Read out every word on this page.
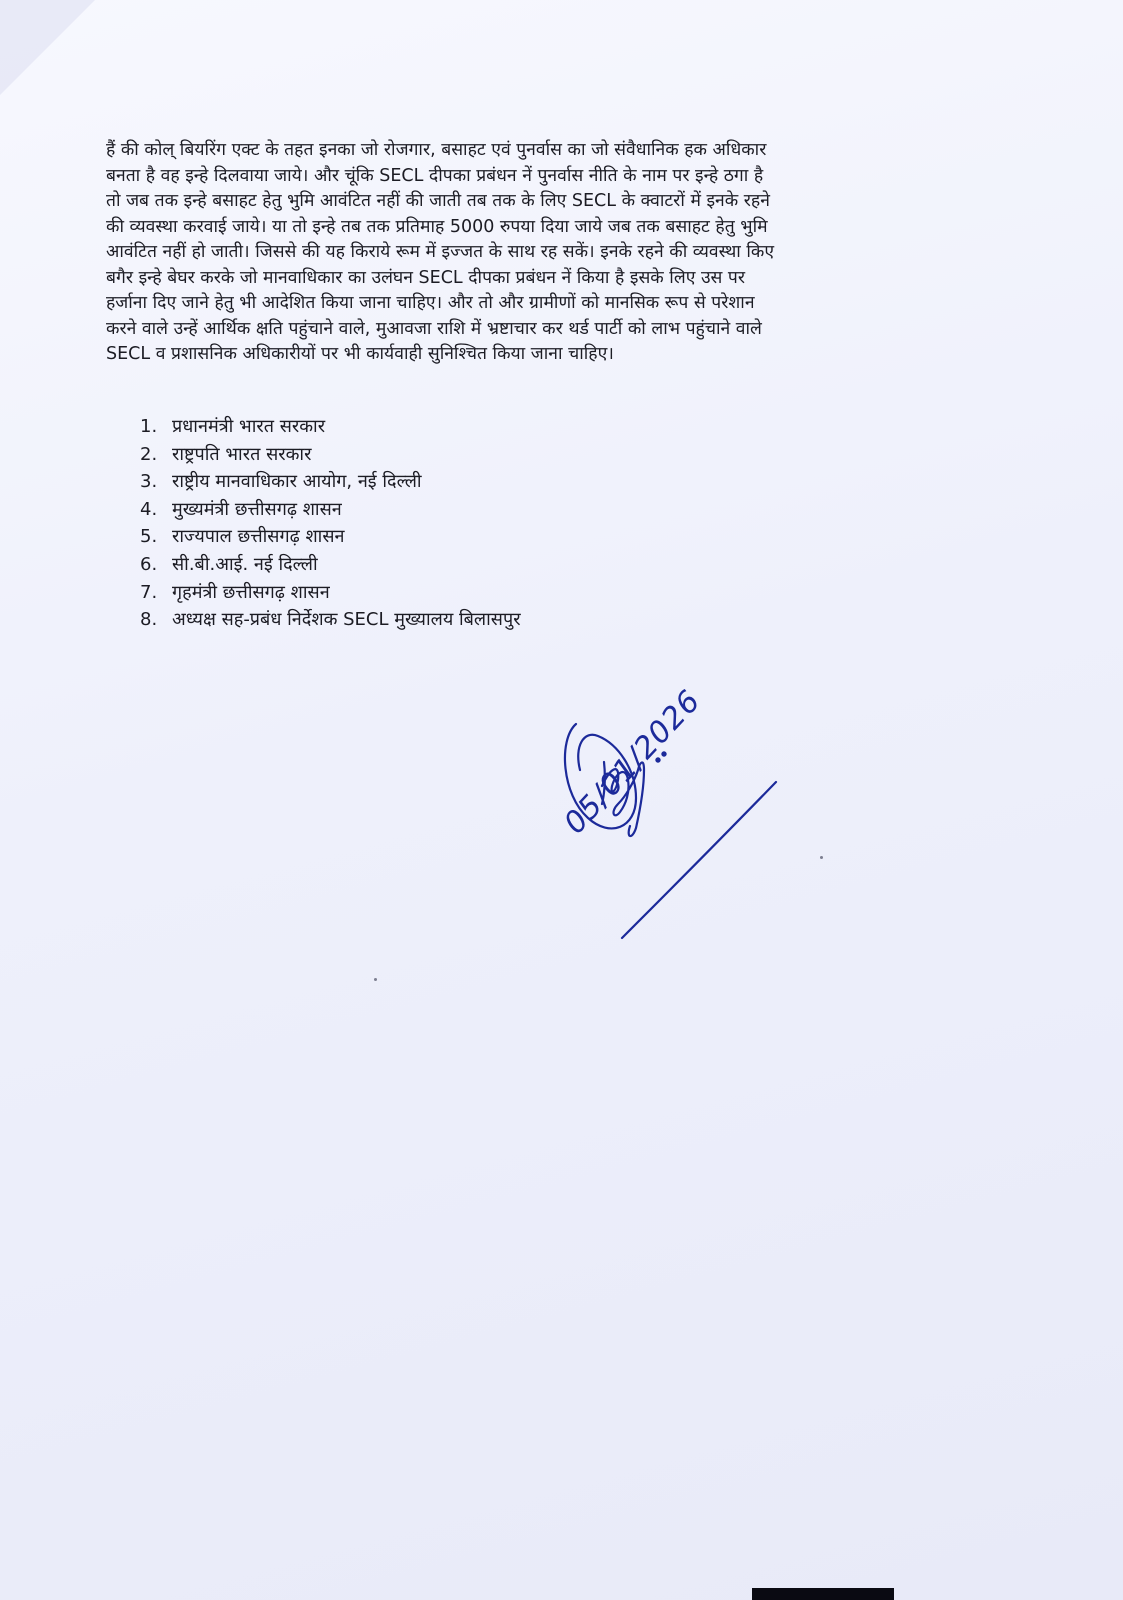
हैं की कोल् बियरिंग एक्ट के तहत इनका जो रोजगार, बसाहट एवं पुनर्वास का जो संवैधानिक हक अधिकार
बनता है वह इन्हे दिलवाया जाये। और चूंकि SECL दीपका प्रबंधन नें पुनर्वास नीति के नाम पर इन्हे ठगा है
तो जब तक इन्हे बसाहट हेतु भुमि आवंटित नहीं की जाती तब तक के लिए SECL के क्वाटरों में इनके रहने
की व्यवस्था करवाई जाये। या तो इन्हे तब तक प्रतिमाह 5000 रुपया दिया जाये जब तक बसाहट हेतु भुमि
आवंटित नहीं हो जाती। जिससे की यह किराये रूम में इज्जत के साथ रह सकें। इनके रहने की व्यवस्था किए
बगैर इन्हे बेघर करके जो मानवाधिकार का उलंघन SECL दीपका प्रबंधन नें किया है इसके लिए उस पर
हर्जाना दिए जाने हेतु भी आदेशित किया जाना चाहिए। और तो और ग्रामीणों को मानसिक रूप से परेशान
करने वाले उन्हें आर्थिक क्षति पहुंचाने वाले, मुआवजा राशि में भ्रष्टाचार कर थर्ड पार्टी को लाभ पहुंचाने वाले
SECL व प्रशासनिक अधिकारीयों पर भी कार्यवाही सुनिश्चित किया जाना चाहिए।

1. प्रधानमंत्री भारत सरकार
2. राष्ट्रपति भारत सरकार
3. राष्ट्रीय मानवाधिकार आयोग, नई दिल्ली
4. मुख्यमंत्री छत्तीसगढ़ शासन
5. राज्यपाल छत्तीसगढ़ शासन
6. सी.बी.आई. नई दिल्ली
7. गृहमंत्री छत्तीसगढ़ शासन
8. अध्यक्ष सह-प्रबंध निर्देशक SECL मुख्यालय बिलासपुर
05/01/2026
